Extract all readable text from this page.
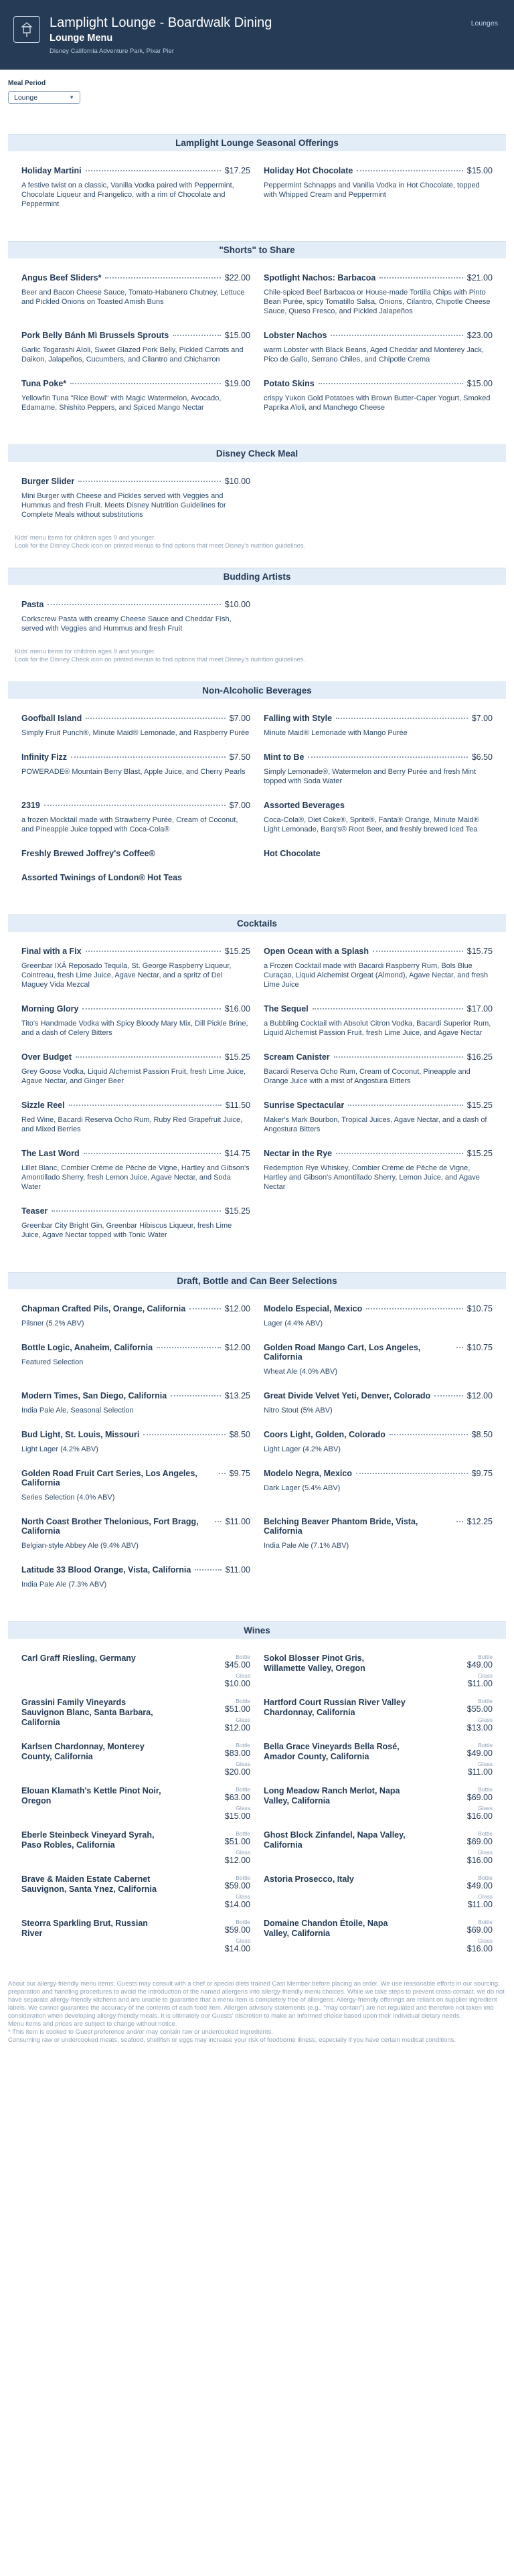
Lamplight Lounge - Boardwalk Dining
Lounge Menu
Disney California Adventure Park, Pixar Pier
Lounges
Meal Period
Lounge	▼
Lamplight Lounge Seasonal Offerings
Holiday Martini	$17.25
A festive twist on a classic, Vanilla Vodka paired with Peppermint, Chocolate Liqueur and Frangelico, with a rim of Chocolate and Peppermint
Holiday Hot Chocolate	$15.00
Peppermint Schnapps and Vanilla Vodka in Hot Chocolate, topped with Whipped Cream and Peppermint
"Shorts" to Share
Angus Beef Sliders*	$22.00
Beer and Bacon Cheese Sauce, Tomato-Habanero Chutney, Lettuce and Pickled Onions on Toasted Amish Buns
Spotlight Nachos: Barbacoa	$21.00
Chile-spiced Beef Barbacoa or House-made Tortilla Chips with Pinto Bean Purée, spicy Tomatillo Salsa, Onions, Cilantro, Chipotle Cheese Sauce, Queso Fresco, and Pickled Jalapeños
Pork Belly Bánh Mì Brussels Sprouts	$15.00
Garlic Togarashi Aïoli, Sweet Glazed Pork Belly, Pickled Carrots and Daikon, Jalapeños, Cucumbers, and Cilantro and Chicharron
Lobster Nachos	$23.00
warm Lobster with Black Beans, Aged Cheddar and Monterey Jack, Pico de Gallo, Serrano Chiles, and Chipotle Crema
Tuna Poke*	$19.00
Yellowfin Tuna "Rice Bowl" with Magic Watermelon, Avocado, Edamame, Shishito Peppers, and Spiced Mango Nectar
Potato Skins	$15.00
crispy Yukon Gold Potatoes with Brown Butter-Caper Yogurt, Smoked Paprika Aïoli, and Manchego Cheese
Disney Check Meal
Burger Slider	$10.00
Mini Burger with Cheese and Pickles served with Veggies and Hummus and fresh Fruit. Meets Disney Nutrition Guidelines for Complete Meals without substitutions
Kids' menu items for children ages 9 and younger.
Look for the Disney Check icon on printed menus to find options that meet Disney's nutrition guidelines.
Budding Artists
Pasta	$10.00
Corkscrew Pasta with creamy Cheese Sauce and Cheddar Fish, served with Veggies and Hummus and fresh Fruit
Kids' menu items for children ages 9 and younger.
Look for the Disney Check icon on printed menus to find options that meet Disney's nutrition guidelines.
Non-Alcoholic Beverages
Goofball Island	$7.00
Simply Fruit Punch®, Minute Maid® Lemonade, and Raspberry Purée
Falling with Style	$7.00
Minute Maid® Lemonade with Mango Purée
Infinity Fizz	$7.50
POWERADE® Mountain Berry Blast, Apple Juice, and Cherry Pearls
Mint to Be	$6.50
Simply Lemonade®, Watermelon and Berry Purée and fresh Mint topped with Soda Water
2319	$7.00
a frozen Mocktail made with Strawberry Purée, Cream of Coconut, and Pineapple Juice topped with Coca-Cola®
Assorted Beverages
Coca-Cola®, Diet Coke®, Sprite®, Fanta® Orange, Minute Maid® Light Lemonade, Barq's® Root Beer, and freshly brewed Iced Tea
Freshly Brewed Joffrey's Coffee®	Hot Chocolate
Assorted Twinings of London® Hot Teas
Cocktails
Final with a Fix	$15.25
Greenbar IXÁ Reposado Tequila, St. George Raspberry Liqueur, Cointreau, fresh Lime Juice, Agave Nectar, and a spritz of Del Maguey Vida Mezcal
Open Ocean with a Splash	$15.75
a Frozen Cocktail made with Bacardi Raspberry Rum, Bols Blue Curaçao, Liquid Alchemist Orgeat (Almond), Agave Nectar, and fresh Lime Juice
Morning Glory	$16.00
Tito's Handmade Vodka with Spicy Bloody Mary Mix, Dill Pickle Brine, and a dash of Celery Bitters
The Sequel	$17.00
a Bubbling Cocktail with Absolut Citron Vodka, Bacardi Superior Rum, Liquid Alchemist Passion Fruit, fresh Lime Juice, and Agave Nectar
Over Budget	$15.25
Grey Goose Vodka, Liquid Alchemist Passion Fruit, fresh Lime Juice, Agave Nectar, and Ginger Beer
Scream Canister	$16.25
Bacardi Reserva Ocho Rum, Cream of Coconut, Pineapple and Orange Juice with a mist of Angostura Bitters
Sizzle Reel	$11.50
Red Wine, Bacardi Reserva Ocho Rum, Ruby Red Grapefruit Juice, and Mixed Berries
Sunrise Spectacular	$15.25
Maker's Mark Bourbon, Tropical Juices, Agave Nectar, and a dash of Angostura Bitters
The Last Word	$14.75
Lillet Blanc, Combier Crème de Pêche de Vigne, Hartley and Gibson's Amontillado Sherry, fresh Lemon Juice, Agave Nectar, and Soda Water
Nectar in the Rye	$15.25
Redemption Rye Whiskey, Combier Crème de Pêche de Vigne, Hartley and Gibson's Amontillado Sherry, Lemon Juice, and Agave Nectar
Teaser	$15.25
Greenbar City Bright Gin, Greenbar Hibiscus Liqueur, fresh Lime Juice, Agave Nectar topped with Tonic Water
Draft, Bottle and Can Beer Selections
Chapman Crafted Pils, Orange, California	$12.00
Pilsner (5.2% ABV)
Modelo Especial, Mexico	$10.75
Lager (4.4% ABV)
Bottle Logic, Anaheim, California	$12.00
Featured Selection
Golden Road Mango Cart, Los Angeles, California
$10.75
Wheat Ale (4.0% ABV)
Modern Times, San Diego, California	$13.25
India Pale Ale, Seasonal Selection
Great Divide Velvet Yeti, Denver, Colorado	$12.00
Nitro Stout (5% ABV)
Bud Light, St. Louis, Missouri	$8.50
Light Lager (4.2% ABV)
Coors Light, Golden, Colorado	$8.50
Light Lager (4.2% ABV)
Golden Road Fruit Cart Series, Los Angeles, California
$9.75
Series Selection (4.0% ABV)
Modelo Negra, Mexico	$9.75
Dark Lager (5.4% ABV)
North Coast Brother Thelonious, Fort Bragg, California
$11.00
Belgian-style Abbey Ale (9.4% ABV)
Belching Beaver Phantom Bride, Vista, California
$12.25
India Pale Ale (7.1% ABV)
Latitude 33 Blood Orange, Vista, California	$11.00
India Pale Ale (7.3% ABV)
Wines
Carl Graff Riesling, Germany	Bottle
$45.00
Glass
$10.00
Sokol Blosser Pinot Gris, Willamette Valley, Oregon
Bottle
$49.00
Glass
$11.00
Grassini Family Vineyards Sauvignon Blanc, Santa Barbara, California
Bottle
$51.00
Glass
$12.00
Hartford Court Russian River Valley Chardonnay, California
Bottle
$55.00
Glass
$13.00
Karlsen Chardonnay, Monterey County, California
Bottle
$83.00
Glass
$20.00
Bella Grace Vineyards Bella Rosé, Amador County, California
Bottle
$49.00
Glass
$11.00
Elouan Klamath's Kettle Pinot Noir, Oregon
Bottle
$63.00
Glass
$15.00
Long Meadow Ranch Merlot, Napa Valley, California
Bottle
$69.00
Glass
$16.00
Eberle Steinbeck Vineyard Syrah, Paso Robles, California
Bottle
$51.00
Glass
$12.00
Ghost Block Zinfandel, Napa Valley, California
Bottle
$69.00
Glass
$16.00
Brave & Maiden Estate Cabernet Sauvignon, Santa Ynez, California
Bottle
$59.00
Glass
$14.00
Astoria Prosecco, Italy	Bottle
$49.00
Glass
$11.00
Steorra Sparkling Brut, Russian River
Bottle
$59.00
Glass
$14.00
Domaine Chandon Étoile, Napa Valley, California
Bottle
$69.00
Glass
$16.00
About our allergy-friendly menu items: Guests may consult with a chef or special diets trained Cast Member before placing an order. We use reasonable efforts in our sourcing, preparation and handling procedures to avoid the introduction of the named allergens into allergy-friendly menu choices. While we take steps to prevent cross-contact, we do not have separate allergy-friendly kitchens and are unable to guarantee that a menu item is completely free of allergens. Allergy-friendly offerings are reliant on supplier ingredient labels. We cannot guarantee the accuracy of the contents of each food item. Allergen advisory statements (e.g., "may contain") are not regulated and therefore not taken into consideration when developing allergy-friendly meals. It is ultimately our Guests' discretion to make an informed choice based upon their individual dietary needs.
Menu items and prices are subject to change without notice.
* This item is cooked to Guest preference and/or may contain raw or undercooked ingredients.
Consuming raw or undercooked meats, seafood, shellfish or eggs may increase your risk of foodborne illness, especially if you have certain medical conditions.
